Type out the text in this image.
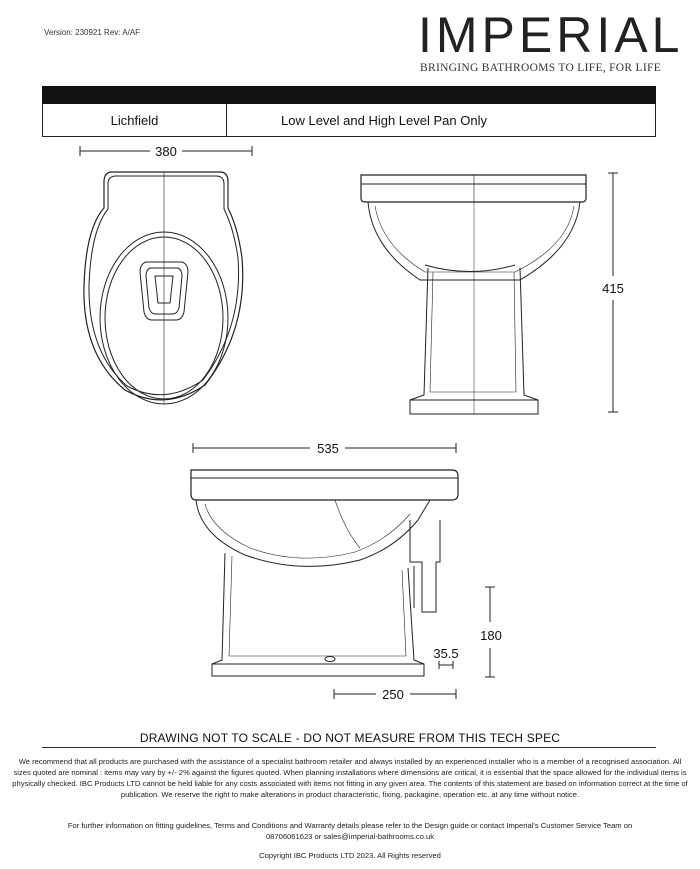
Version: 230921 Rev: A/AF	IMPERIAL
BRINGING BATHROOMS TO LIFE, FOR LIFE
Lichfield	Low Level and High Level Pan Only
380
415
535
180
35.5
250
DRAWING NOT TO SCALE - DO NOT MEASURE FROM THIS TECH SPEC
We recommend that all products are purchased with the assistance of a specialist bathroom retailer and always installed by an experienced installer who is a member of a recognised association. All sizes quoted are nominal : items may vary by +/- 2% against the figures quoted. When planning installations where dimensions are critical, it is essential that the space allowed for the individual items is physically checked. IBC Products LTD cannot be held liable for any costs associated with items not fitting in any given area. The contents of this statement are based on information correct at the time of publication. We reserve the right to make alterations in product characteristic, fixing, packagine, operation etc. at any time without notice.
For further information on fitting guidelines, Terms and Conditions and Warranty details please refer to the Design guide or contact Imperial's Customer Service Team on 08706061623 or sales@imperial-bathrooms.co.uk
Copyright IBC Products LTD 2023. All Rights reserved
